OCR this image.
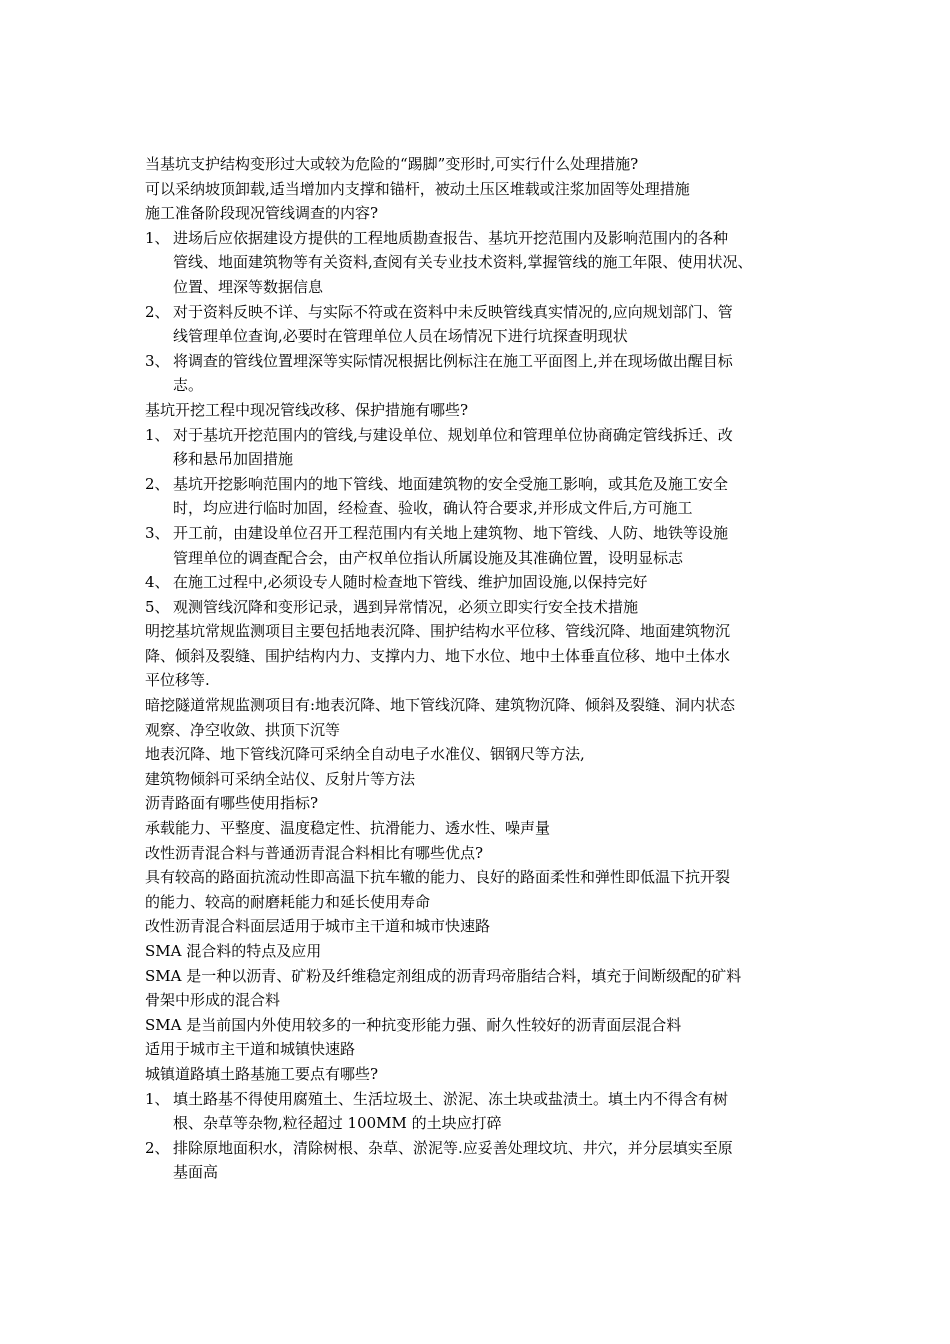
当基坑支护结构变形过大或较为危险的“踢脚”变形时,可实行什么处理措施?

可以采纳坡顶卸载,适当增加内支撑和锚杆，被动土压区堆载或注浆加固等处理措施

施工准备阶段现况管线调查的内容?

1、 进场后应依据建设方提供的工程地质勘查报告、基坑开挖范围内及影响范围内的各种
管线、地面建筑物等有关资料,查阅有关专业技术资料,掌握管线的施工年限、使用状况、
位置、埋深等数据信息
2、 对于资料反映不详、与实际不符或在资料中未反映管线真实情况的,应向规划部门、管
线管理单位查询,必要时在管理单位人员在场情况下进行坑探查明现状
3、 将调查的管线位置埋深等实际情况根据比例标注在施工平面图上,并在现场做出醒目标
志。

基坑开挖工程中现况管线改移、保护措施有哪些?

1、 对于基坑开挖范围内的管线,与建设单位、规划单位和管理单位协商确定管线拆迁、改
移和悬吊加固措施
2、 基坑开挖影响范围内的地下管线、地面建筑物的安全受施工影响，或其危及施工安全
时，均应进行临时加固，经检查、验收，确认符合要求,并形成文件后,方可施工
3、 开工前，由建设单位召开工程范围内有关地上建筑物、地下管线、人防、地铁等设施
管理单位的调查配合会，由产权单位指认所属设施及其准确位置，设明显标志
4、 在施工过程中,必须设专人随时检查地下管线、维护加固设施,以保持完好
5、 观测管线沉降和变形记录，遇到异常情况，必须立即实行安全技术措施

明挖基坑常规监测项目主要包括地表沉降、围护结构水平位移、管线沉降、地面建筑物沉

降、倾斜及裂缝、围护结构内力、支撑内力、地下水位、地中土体垂直位移、地中土体水

平位移等.

暗挖隧道常规监测项目有:地表沉降、地下管线沉降、建筑物沉降、倾斜及裂缝、洞内状态

观察、净空收敛、拱顶下沉等

地表沉降、地下管线沉降可采纳全自动电子水准仪、铟钢尺等方法,

建筑物倾斜可采纳全站仪、反射片等方法

沥青路面有哪些使用指标?

承载能力、平整度、温度稳定性、抗滑能力、透水性、噪声量

改性沥青混合料与普通沥青混合料相比有哪些优点?

具有较高的路面抗流动性即高温下抗车辙的能力、良好的路面柔性和弹性即低温下抗开裂

的能力、较高的耐磨耗能力和延长使用寿命

改性沥青混合料面层适用于城市主干道和城市快速路

SMA 混合料的特点及应用

SMA 是一种以沥青、矿粉及纤维稳定剂组成的沥青玛帝脂结合料，填充于间断级配的矿料

骨架中形成的混合料

SMA 是当前国内外使用较多的一种抗变形能力强、耐久性较好的沥青面层混合料

适用于城市主干道和城镇快速路

城镇道路填土路基施工要点有哪些?

1、 填土路基不得使用腐殖土、生活垃圾土、淤泥、冻土块或盐渍土。填土内不得含有树
根、杂草等杂物,粒径超过 100MM 的土块应打碎
2、 排除原地面积水，清除树根、杂草、淤泥等.应妥善处理坟坑、井穴，并分层填实至原
基面高
